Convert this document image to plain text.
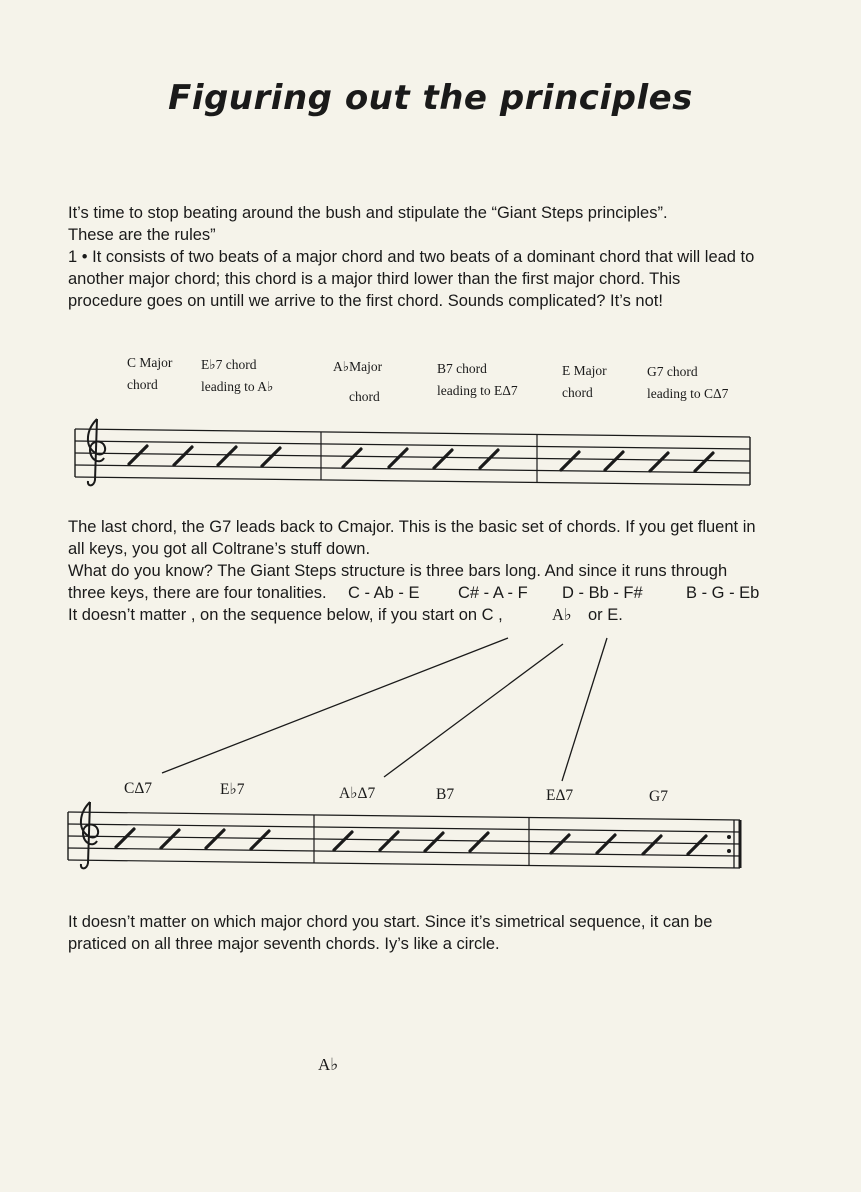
Figuring out the principles
It’s time to stop beating around the bush and stipulate the “Giant Steps principles”.
These are the rules”
1 • It consists of two beats of a major chord and two beats of a dominant chord that will lead to
another major chord; this chord is a major third lower than the first major chord. This
procedure goes on untill we arrive to the first chord. Sounds complicated? It’s not!
C Major
chord
E♭7 chord
leading to A♭
A♭Major
chord
B7 chord
leading to EΔ7
E Major
chord
G7 chord
leading to CΔ7
The last chord, the G7 leads back to Cmajor. This is the basic set of chords. If you get fluent in
all keys, you got all Coltrane’s stuff down.
What do you know? The Giant Steps structure is three bars long. And since it runs through
three keys, there are four tonalities. C - Ab - E C# - A - F D - Bb - F#	B - G - Eb
It doesn’t matter , on the sequence below, if you start on C ,	A♭ or E.
CΔ7	E♭7	A♭Δ7	B7	EΔ7	G7
It doesn’t matter on which major chord you start. Since it’s simetrical sequence, it can be
praticed on all three major seventh chords. Iy’s like a circle.
A♭
